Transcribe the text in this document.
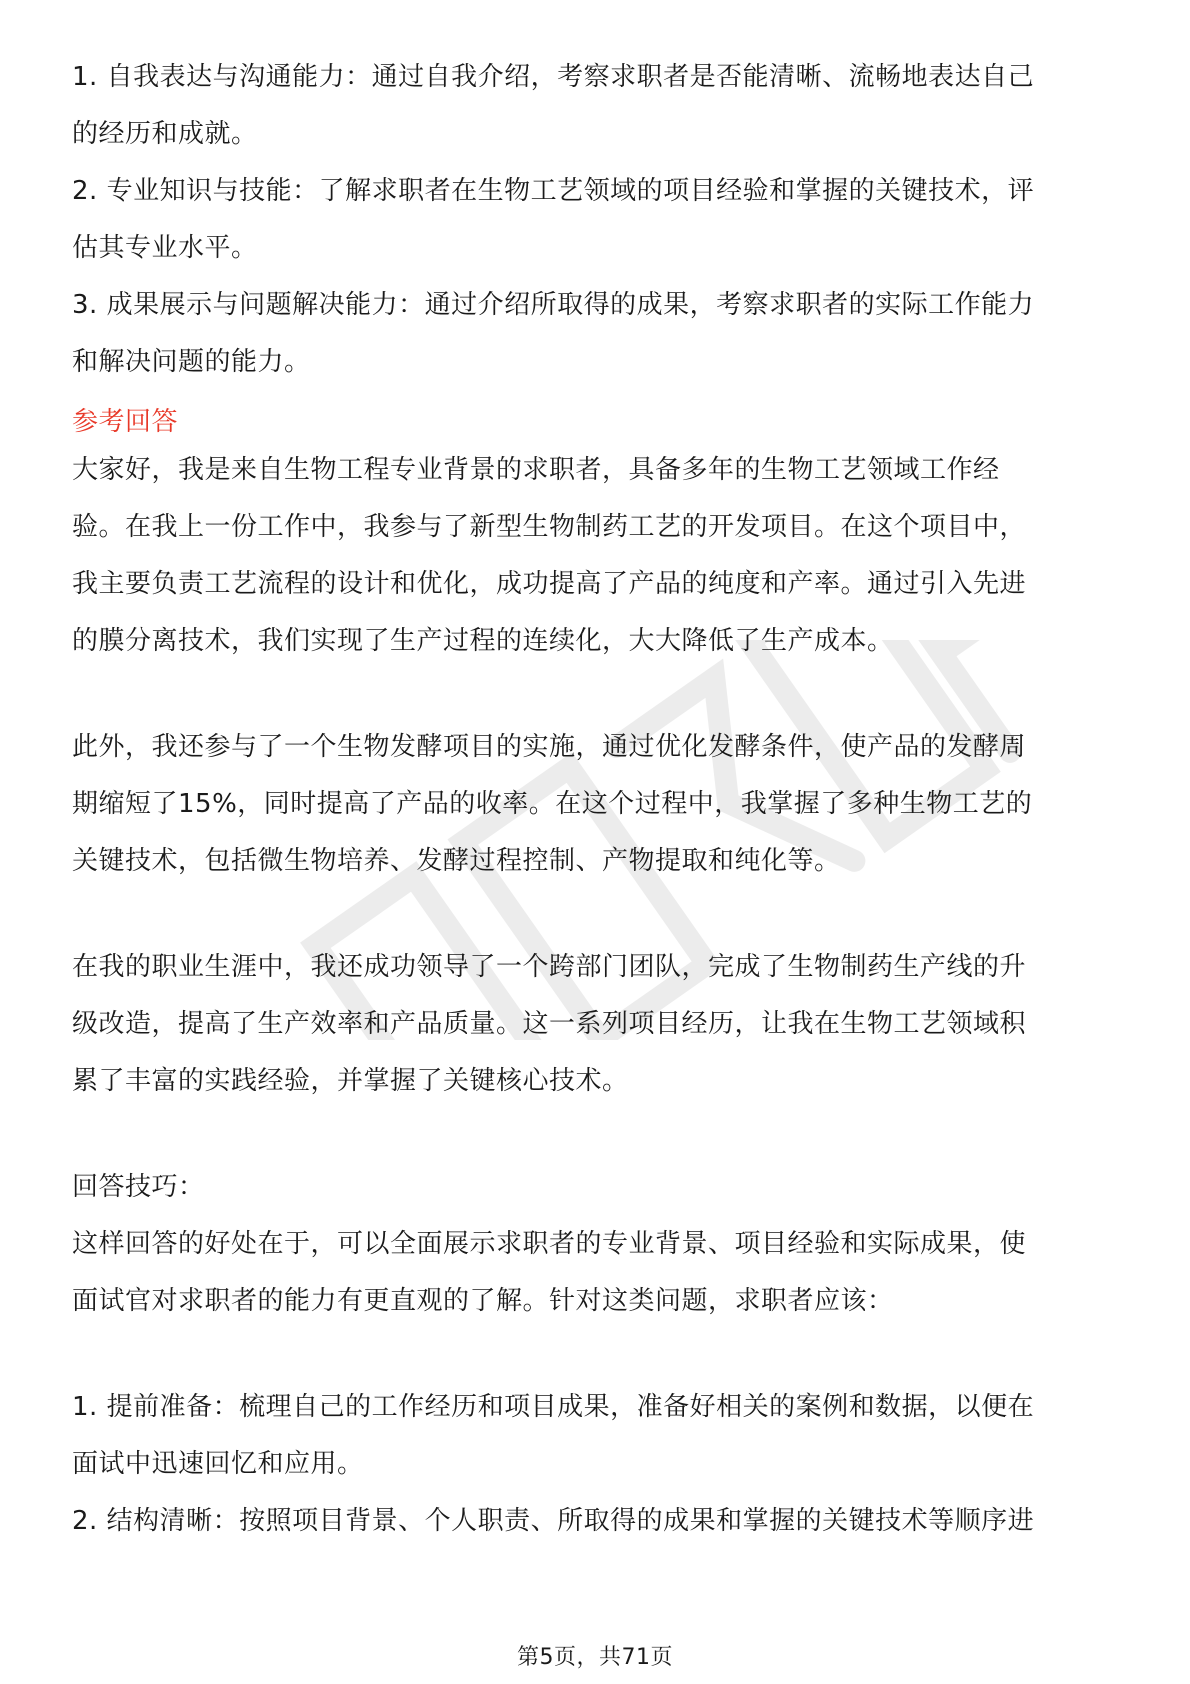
1. 自我表达与沟通能力：通过自我介绍，考察求职者是否能清晰、流畅地表达自己

的经历和成就。

2. 专业知识与技能：了解求职者在生物工艺领域的项目经验和掌握的关键技术，评

估其专业水平。

3. 成果展示与问题解决能力：通过介绍所取得的成果，考察求职者的实际工作能力

和解决问题的能力。

参考回答

大家好，我是来自生物工程专业背景的求职者，具备多年的生物工艺领域工作经

验。在我上一份工作中，我参与了新型生物制药工艺的开发项目。在这个项目中，

我主要负责工艺流程的设计和优化，成功提高了产品的纯度和产率。通过引入先进

的膜分离技术，我们实现了生产过程的连续化，大大降低了生产成本。

此外，我还参与了一个生物发酵项目的实施，通过优化发酵条件，使产品的发酵周

期缩短了15%，同时提高了产品的收率。在这个过程中，我掌握了多种生物工艺的

关键技术，包括微生物培养、发酵过程控制、产物提取和纯化等。

在我的职业生涯中，我还成功领导了一个跨部门团队，完成了生物制药生产线的升

级改造，提高了生产效率和产品质量。这一系列项目经历，让我在生物工艺领域积

累了丰富的实践经验，并掌握了关键核心技术。

回答技巧：

这样回答的好处在于，可以全面展示求职者的专业背景、项目经验和实际成果，使

面试官对求职者的能力有更直观的了解。针对这类问题，求职者应该：

1. 提前准备：梳理自己的工作经历和项目成果，准备好相关的案例和数据，以便在

面试中迅速回忆和应用。

2. 结构清晰：按照项目背景、个人职责、所取得的成果和掌握的关键技术等顺序进

第5页，共71页
